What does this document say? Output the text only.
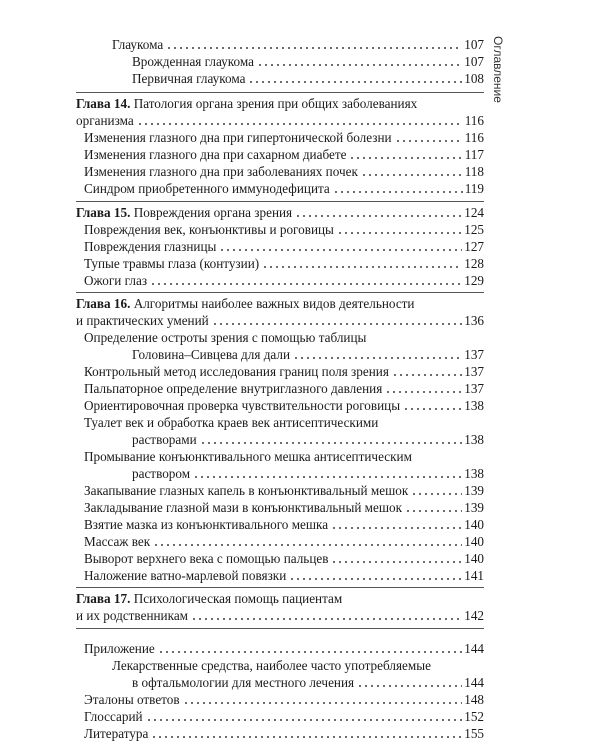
Оглавление
Глаукома	107
Врожденная глаукома	107
Первичная глаукома	108
Глава 14. Патология органа зрения при общих заболеваниях
организма	116
Изменения глазного дна при гипертонической болезни	116
Изменения глазного дна при сахарном диабете	117
Изменения глазного дна при заболеваниях почек	118
Синдром приобретенного иммунодефицита	119
Глава 15. Повреждения органа зрения	124
Повреждения век, конъюнктивы и роговицы	125
Повреждения глазницы	127
Тупые травмы глаза (контузии)	128
Ожоги глаз	129
Глава 16. Алгоритмы наиболее важных видов деятельности
и практических умений	136
Определение остроты зрения с помощью таблицы
Головина–Сивцева для дали	137
Контрольный метод исследования границ поля зрения	137
Пальпаторное определение внутриглазного давления	137
Ориентировочная проверка чувствительности роговицы	138
Туалет век и обработка краев век антисептическими
растворами	138
Промывание конъюнктивального мешка антисептическим
раствором	138
Закапывание глазных капель в конъюнктивальный мешок	139
Закладывание глазной мази в конъюнктивальный мешок	139
Взятие мазка из конъюнктивального мешка	140
Массаж век	140
Выворот верхнего века с помощью пальцев	140
Наложение ватно-марлевой повязки	141
Глава 17. Психологическая помощь пациентам
и их родственникам	142
Приложение	144
Лекарственные средства, наиболее часто употребляемые
в офтальмологии для местного лечения	144
Эталоны ответов	148
Глоссарий	152
Литература	155
